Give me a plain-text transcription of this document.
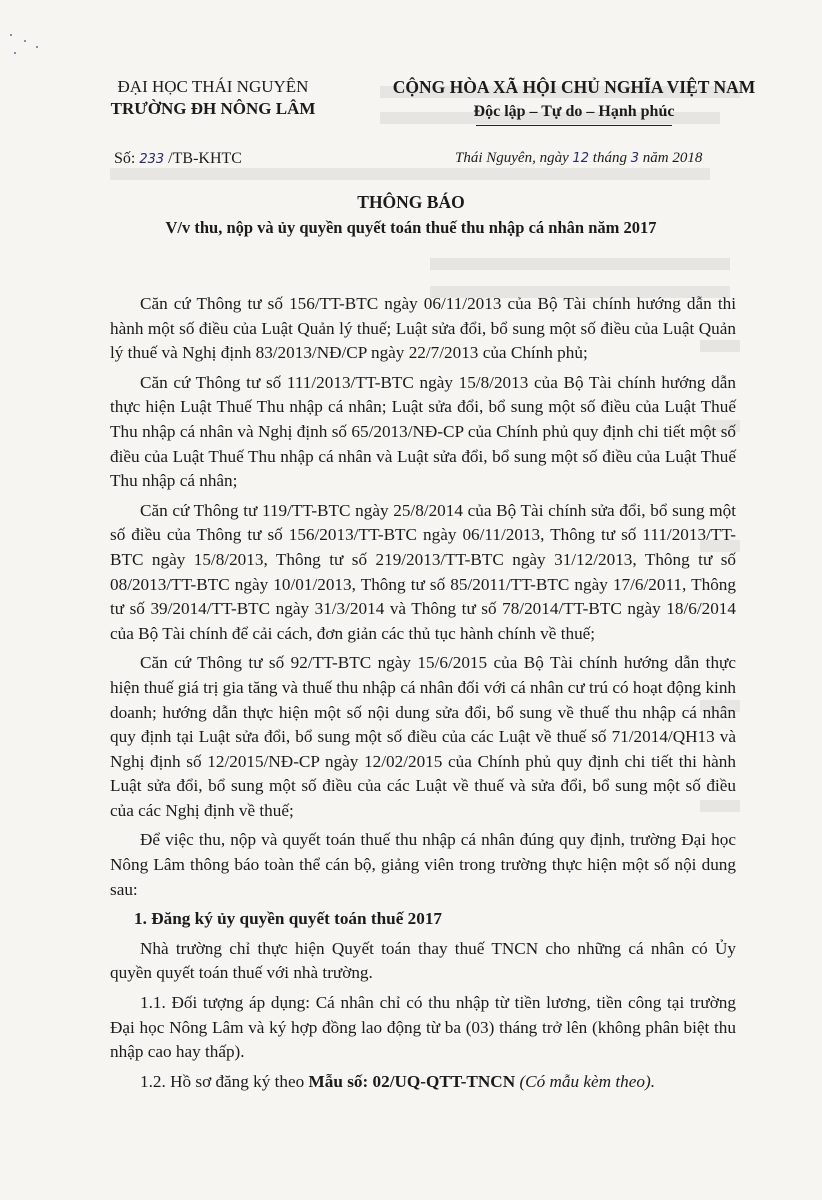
ĐẠI HỌC THÁI NGUYÊN
TRƯỜNG ĐH NÔNG LÂM
CỘNG HÒA XÃ HỘI CHỦ NGHĨA VIỆT NAM
Độc lập – Tự do – Hạnh phúc
Số: 233 /TB-KHTC	Thái Nguyên, ngày 12 tháng 3 năm 2018
THÔNG BÁO
V/v thu, nộp và ủy quyền quyết toán thuế thu nhập cá nhân năm 2017

Căn cứ Thông tư số 156/TT-BTC ngày 06/11/2013 của Bộ Tài chính hướng dẫn thi hành một số điều của Luật Quản lý thuế; Luật sửa đổi, bổ sung một số điều của Luật Quản lý thuế và Nghị định 83/2013/NĐ/CP ngày 22/7/2013 của Chính phủ;

Căn cứ Thông tư số 111/2013/TT-BTC ngày 15/8/2013 của Bộ Tài chính hướng dẫn thực hiện Luật Thuế Thu nhập cá nhân; Luật sửa đổi, bổ sung một số điều của Luật Thuế Thu nhập cá nhân và Nghị định số 65/2013/NĐ-CP của Chính phủ quy định chi tiết một số điều của Luật Thuế Thu nhập cá nhân và Luật sửa đổi, bổ sung một số điều của Luật Thuế Thu nhập cá nhân;

Căn cứ Thông tư 119/TT-BTC ngày 25/8/2014 của Bộ Tài chính sửa đổi, bổ sung một số điều của Thông tư số 156/2013/TT-BTC ngày 06/11/2013, Thông tư số 111/2013/TT-BTC ngày 15/8/2013, Thông tư số 219/2013/TT-BTC ngày 31/12/2013, Thông tư số 08/2013/TT-BTC ngày 10/01/2013, Thông tư số 85/2011/TT-BTC ngày 17/6/2011, Thông tư số 39/2014/TT-BTC ngày 31/3/2014 và Thông tư số 78/2014/TT-BTC ngày 18/6/2014 của Bộ Tài chính để cải cách, đơn giản các thủ tục hành chính về thuế;

Căn cứ Thông tư số 92/TT-BTC ngày 15/6/2015 của Bộ Tài chính hướng dẫn thực hiện thuế giá trị gia tăng và thuế thu nhập cá nhân đối với cá nhân cư trú có hoạt động kinh doanh; hướng dẫn thực hiện một số nội dung sửa đổi, bổ sung về thuế thu nhập cá nhân quy định tại Luật sửa đổi, bổ sung một số điều của các Luật về thuế số 71/2014/QH13 và Nghị định số 12/2015/NĐ-CP ngày 12/02/2015 của Chính phủ quy định chi tiết thi hành Luật sửa đổi, bổ sung một số điều của các Luật về thuế và sửa đổi, bổ sung một số điều của các Nghị định về thuế;

Để việc thu, nộp và quyết toán thuế thu nhập cá nhân đúng quy định, trường Đại học Nông Lâm thông báo toàn thể cán bộ, giảng viên trong trường thực hiện một số nội dung sau:

1. Đăng ký ủy quyền quyết toán thuế 2017

Nhà trường chỉ thực hiện Quyết toán thay thuế TNCN cho những cá nhân có Ủy quyền quyết toán thuế với nhà trường.

1.1. Đối tượng áp dụng: Cá nhân chỉ có thu nhập từ tiền lương, tiền công tại trường Đại học Nông Lâm và ký hợp đồng lao động từ ba (03) tháng trở lên (không phân biệt thu nhập cao hay thấp).

1.2. Hồ sơ đăng ký theo Mẫu số: 02/UQ-QTT-TNCN (Có mẫu kèm theo).
